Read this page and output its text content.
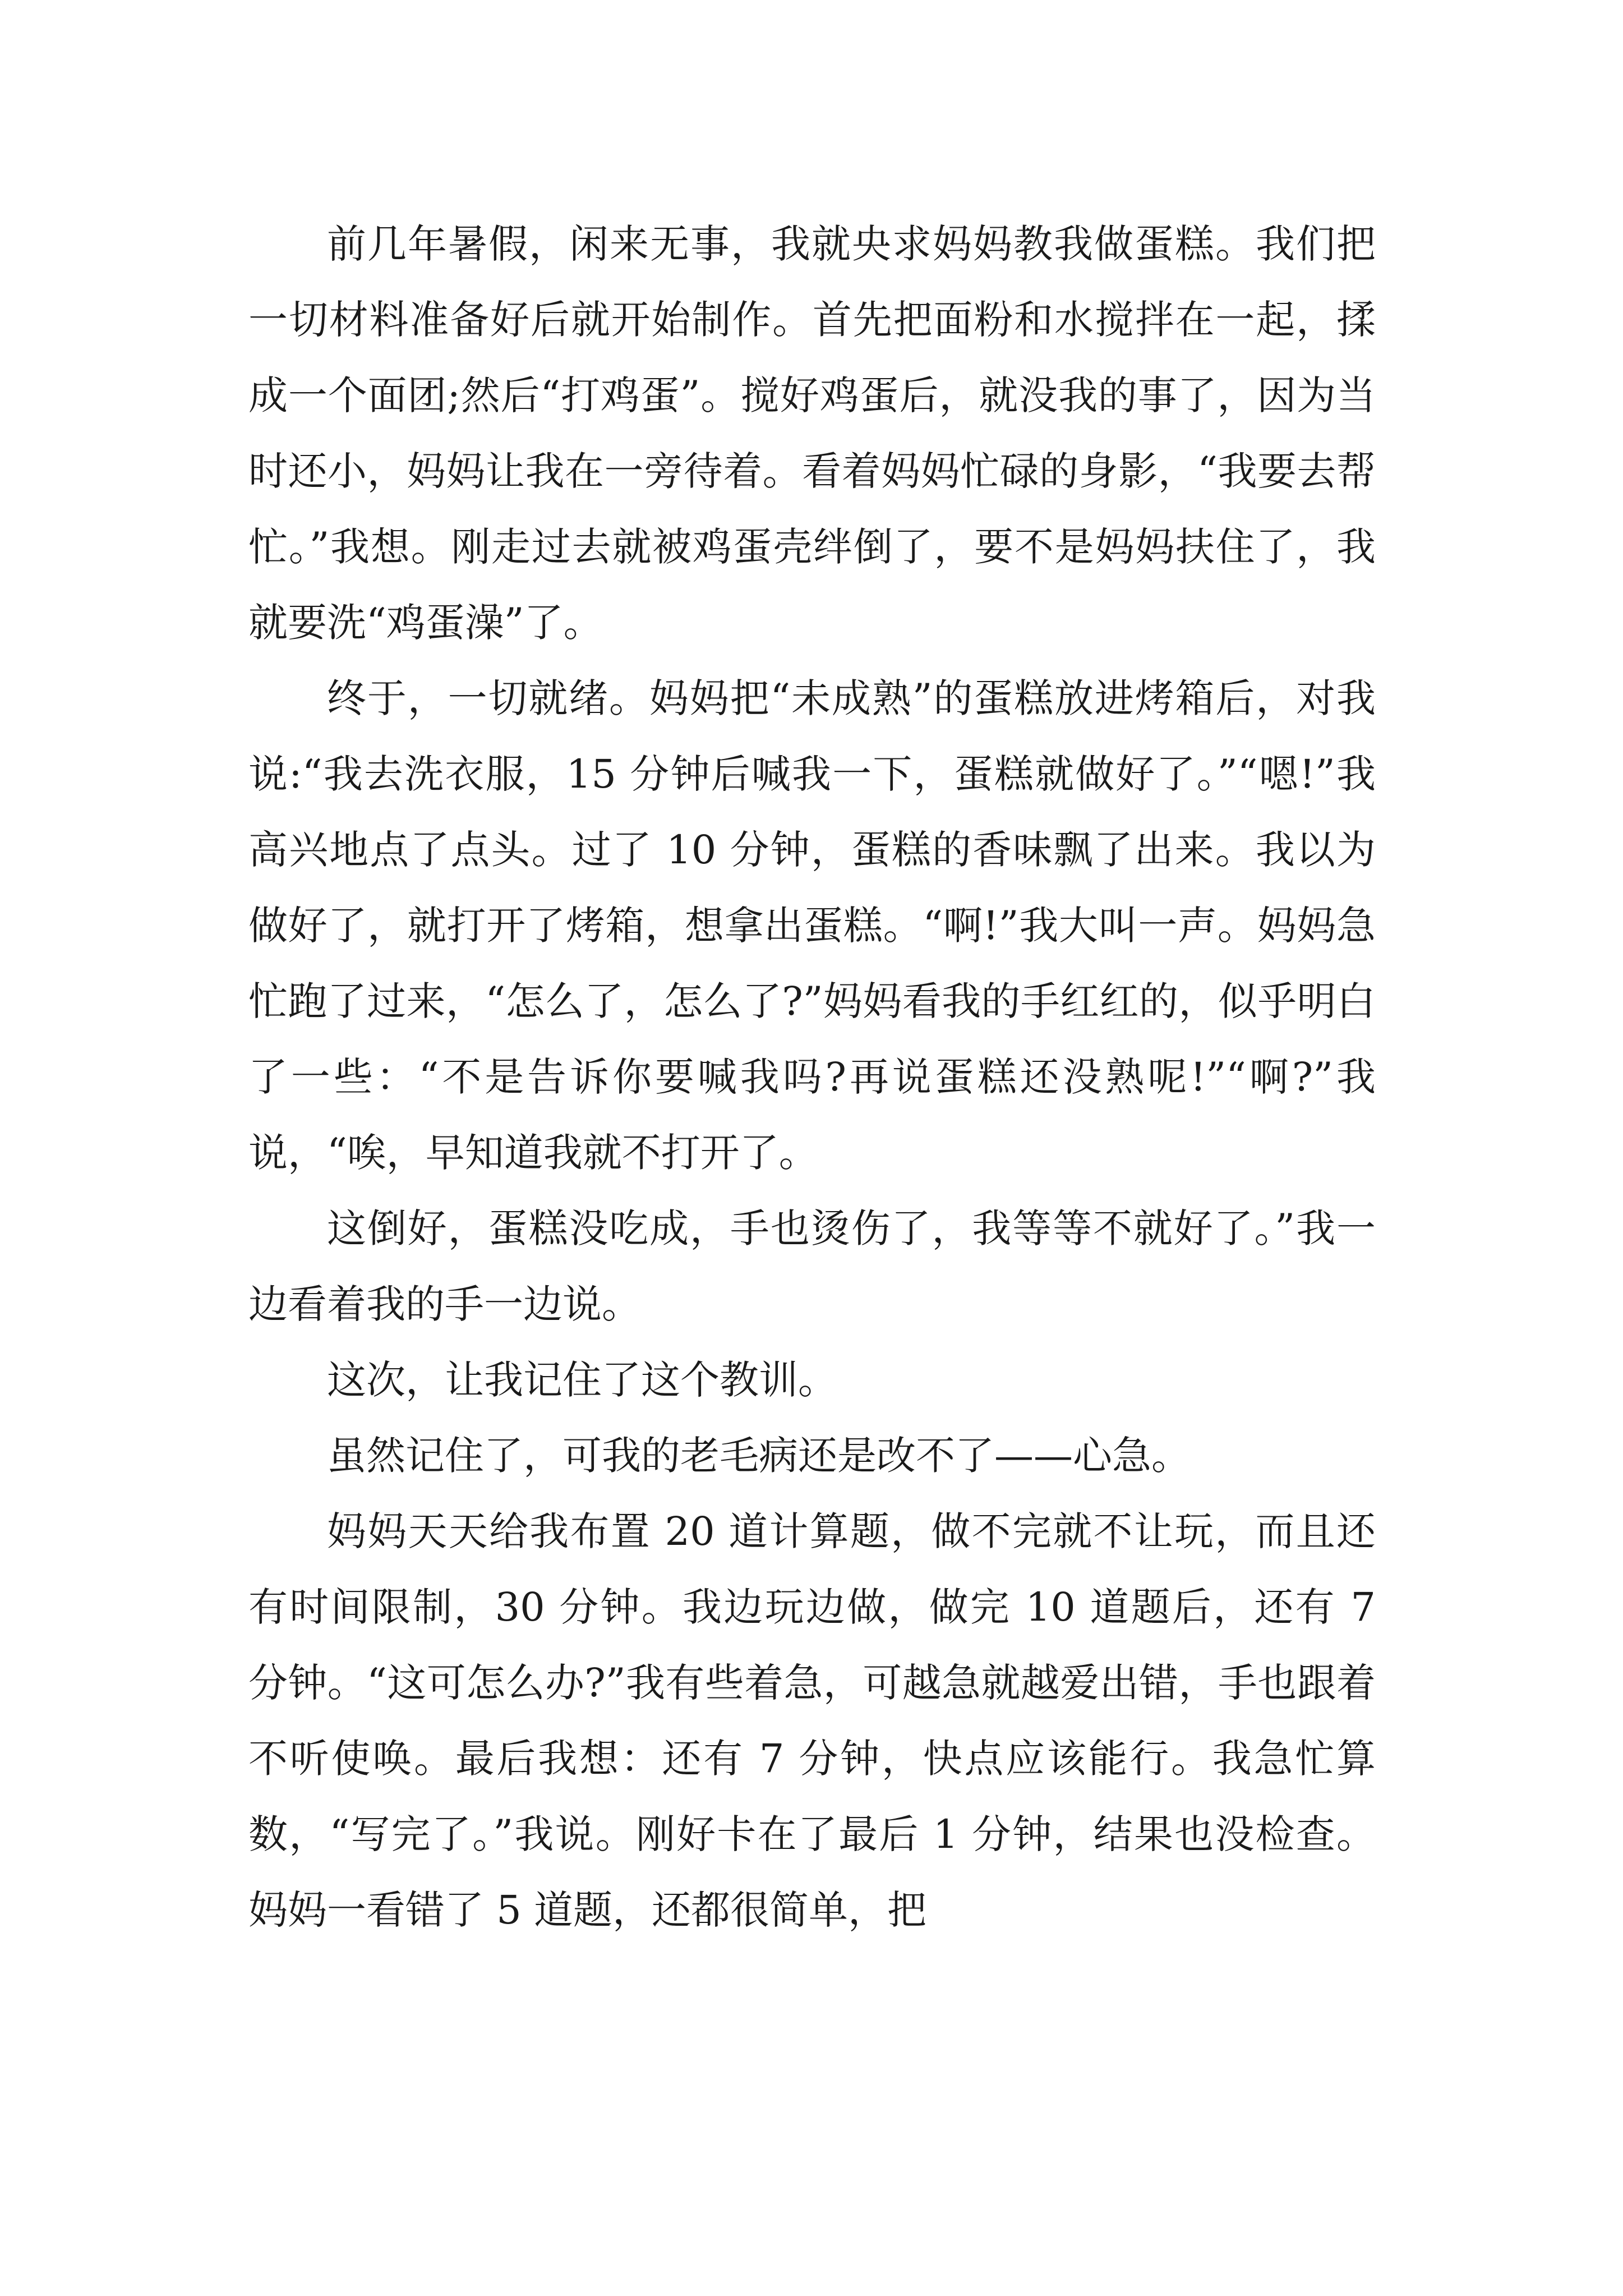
前几年暑假，闲来无事，我就央求妈妈教我做蛋糕。我们把一切材料准备好后就开始制作。首先把面粉和水搅拌在一起，揉成一个面团;然后“打鸡蛋”。搅好鸡蛋后，就没我的事了，因为当时还小，妈妈让我在一旁待着。看着妈妈忙碌的身影，“我要去帮忙。”我想。刚走过去就被鸡蛋壳绊倒了，要不是妈妈扶住了，我就要洗“鸡蛋澡”了。

终于，一切就绪。妈妈把“未成熟”的蛋糕放进烤箱后，对我说:“我去洗衣服，15 分钟后喊我一下，蛋糕就做好了。”“嗯!”我高兴地点了点头。过了 10 分钟，蛋糕的香味飘了出来。我以为做好了，就打开了烤箱，想拿出蛋糕。“啊!”我大叫一声。妈妈急忙跑了过来，“怎么了，怎么了?”妈妈看我的手红红的，似乎明白了一些：“不是告诉你要喊我吗?再说蛋糕还没熟呢!”“啊?”我说，“唉，早知道我就不打开了。

这倒好，蛋糕没吃成，手也烫伤了，我等等不就好了。”我一边看着我的手一边说。

这次，让我记住了这个教训。

虽然记住了，可我的老毛病还是改不了——心急。

妈妈天天给我布置 20 道计算题，做不完就不让玩，而且还有时间限制，30 分钟。我边玩边做，做完 10 道题后，还有 7 分钟。“这可怎么办?”我有些着急，可越急就越爱出错，手也跟着不听使唤。最后我想：还有 7 分钟，快点应该能行。我急忙算数，“写完了。”我说。刚好卡在了最后 1 分钟，结果也没检查。妈妈一看错了 5 道题，还都很简单，把
